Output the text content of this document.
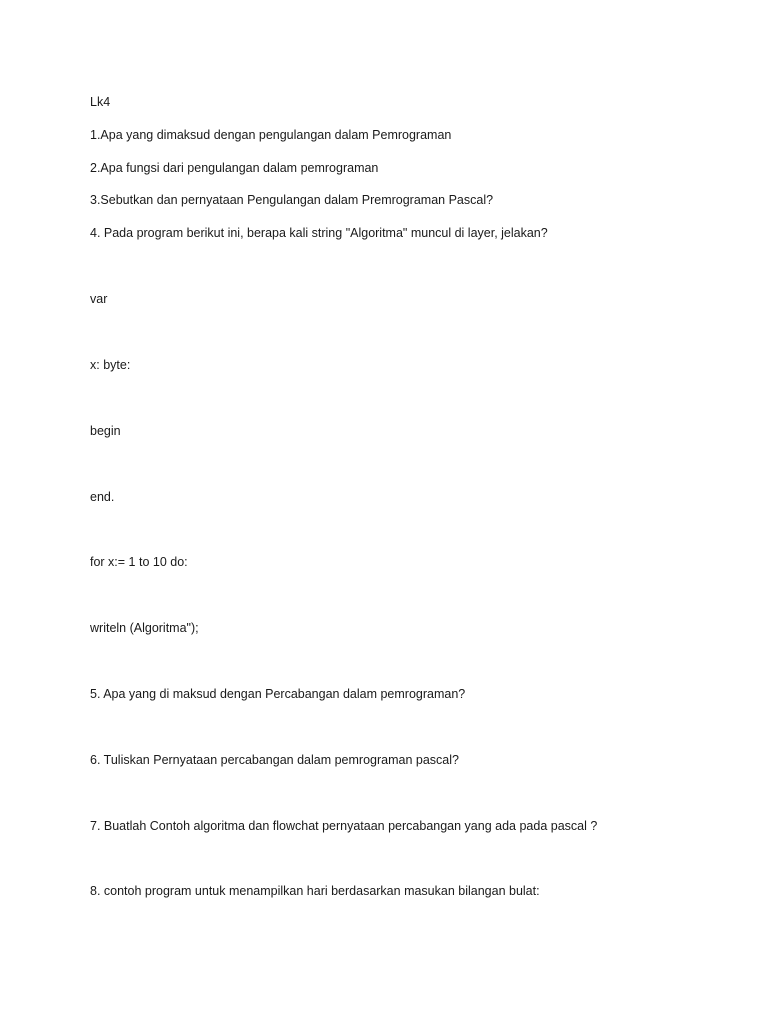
Lk4
1.Apa yang dimaksud dengan pengulangan dalam Pemrograman
2.Apa fungsi dari pengulangan dalam pemrograman
3.Sebutkan dan pernyataan Pengulangan dalam Premrograman Pascal?
4. Pada program berikut ini, berapa kali string "Algoritma" muncul di layer, jelakan?
var
x: byte:
begin
end.
for x:= 1 to 10 do:
writeln (Algoritma");
5. Apa yang di maksud dengan Percabangan dalam pemrograman?
6. Tuliskan Pernyataan percabangan dalam pemrograman pascal?
7. Buatlah Contoh algoritma dan flowchat pernyataan percabangan yang ada pada pascal ?
8. contoh program untuk menampilkan hari berdasarkan masukan bilangan bulat:
